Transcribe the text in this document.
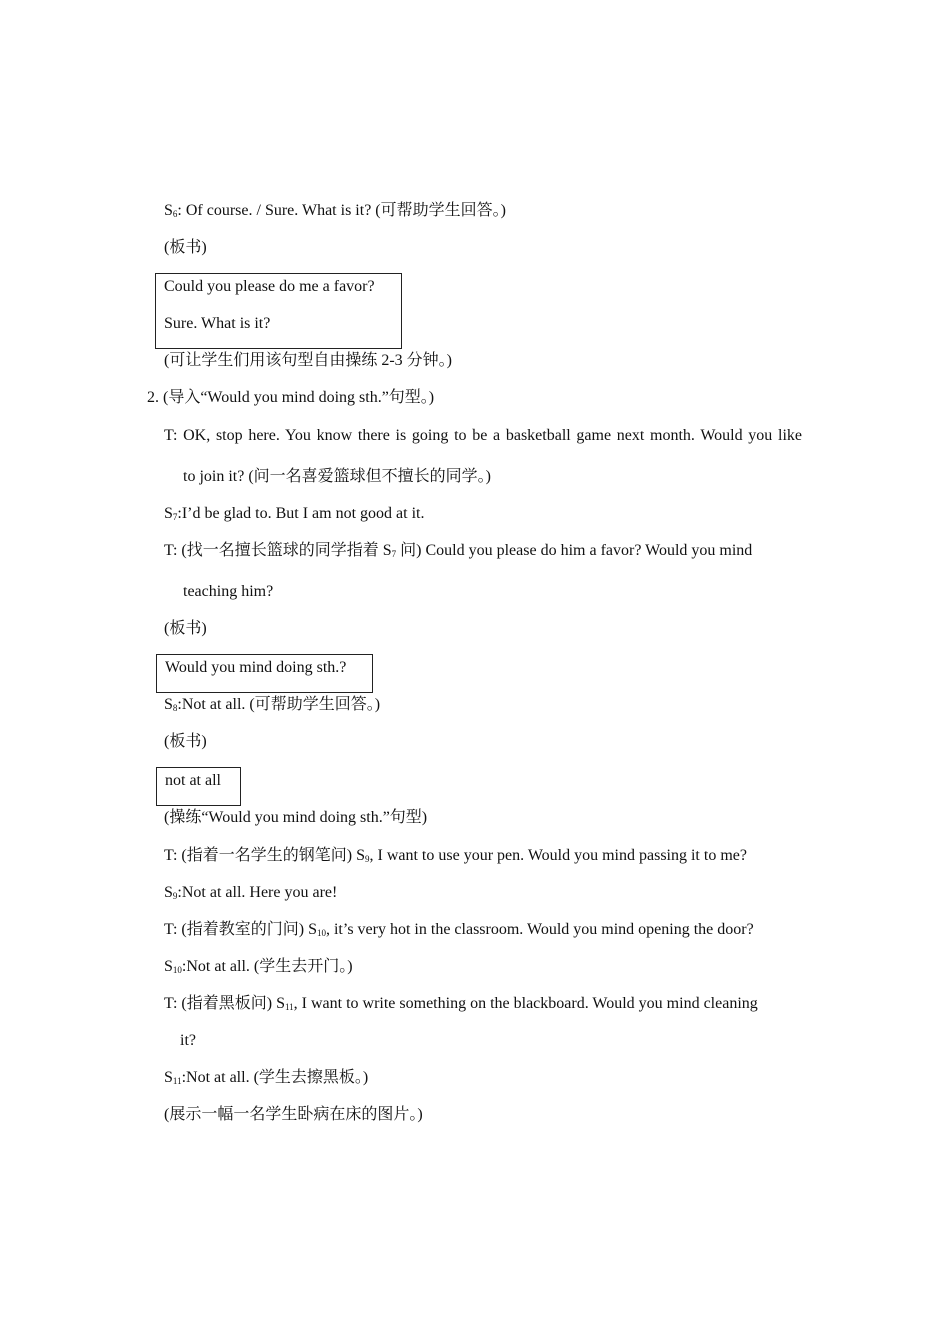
$S_6$: Of course. / Sure. What is it? (可帮助学生回答。)
(板书)
Could you please do me a favor?
Sure. What is it?
(可让学生们用该句型自由操练 2-3 分钟。)
2. (导入“Would you mind doing sth.”句型。)
T: OK, stop here. You know there is going to be a basketball game next month. Would you like
to join it? (问一名喜爱篮球但不擅长的同学。)
$S_7:I’d$ be glad to. But I am not good at it.
T: (找一名擅长篮球的同学指着 $S_7$ 问) Could you please do him a favor? Would you mind
teaching him?
(板书)
Would you mind doing sth.?
$S_8:Not$ at all. (可帮助学生回答。)
(板书)
not at all
(操练“Would you mind doing sth.”句型)
T: (指着一名学生的钢笔问) $S_9$, I want to use your pen. Would you mind passing it to me?
$S_9:Not$ at all. Here you are!
T: (指着教室的门问) $S_{10}$, it’s very hot in the classroom. Would you mind opening the door?
$S_{10}:Not$ at all. (学生去开门。)
T: (指着黑板问) $S_{11}$, I want to write something on the blackboard. Would you mind cleaning
it?
$S_{11}:Not$ at all. (学生去擦黑板。)
(展示一幅一名学生卧病在床的图片。)
